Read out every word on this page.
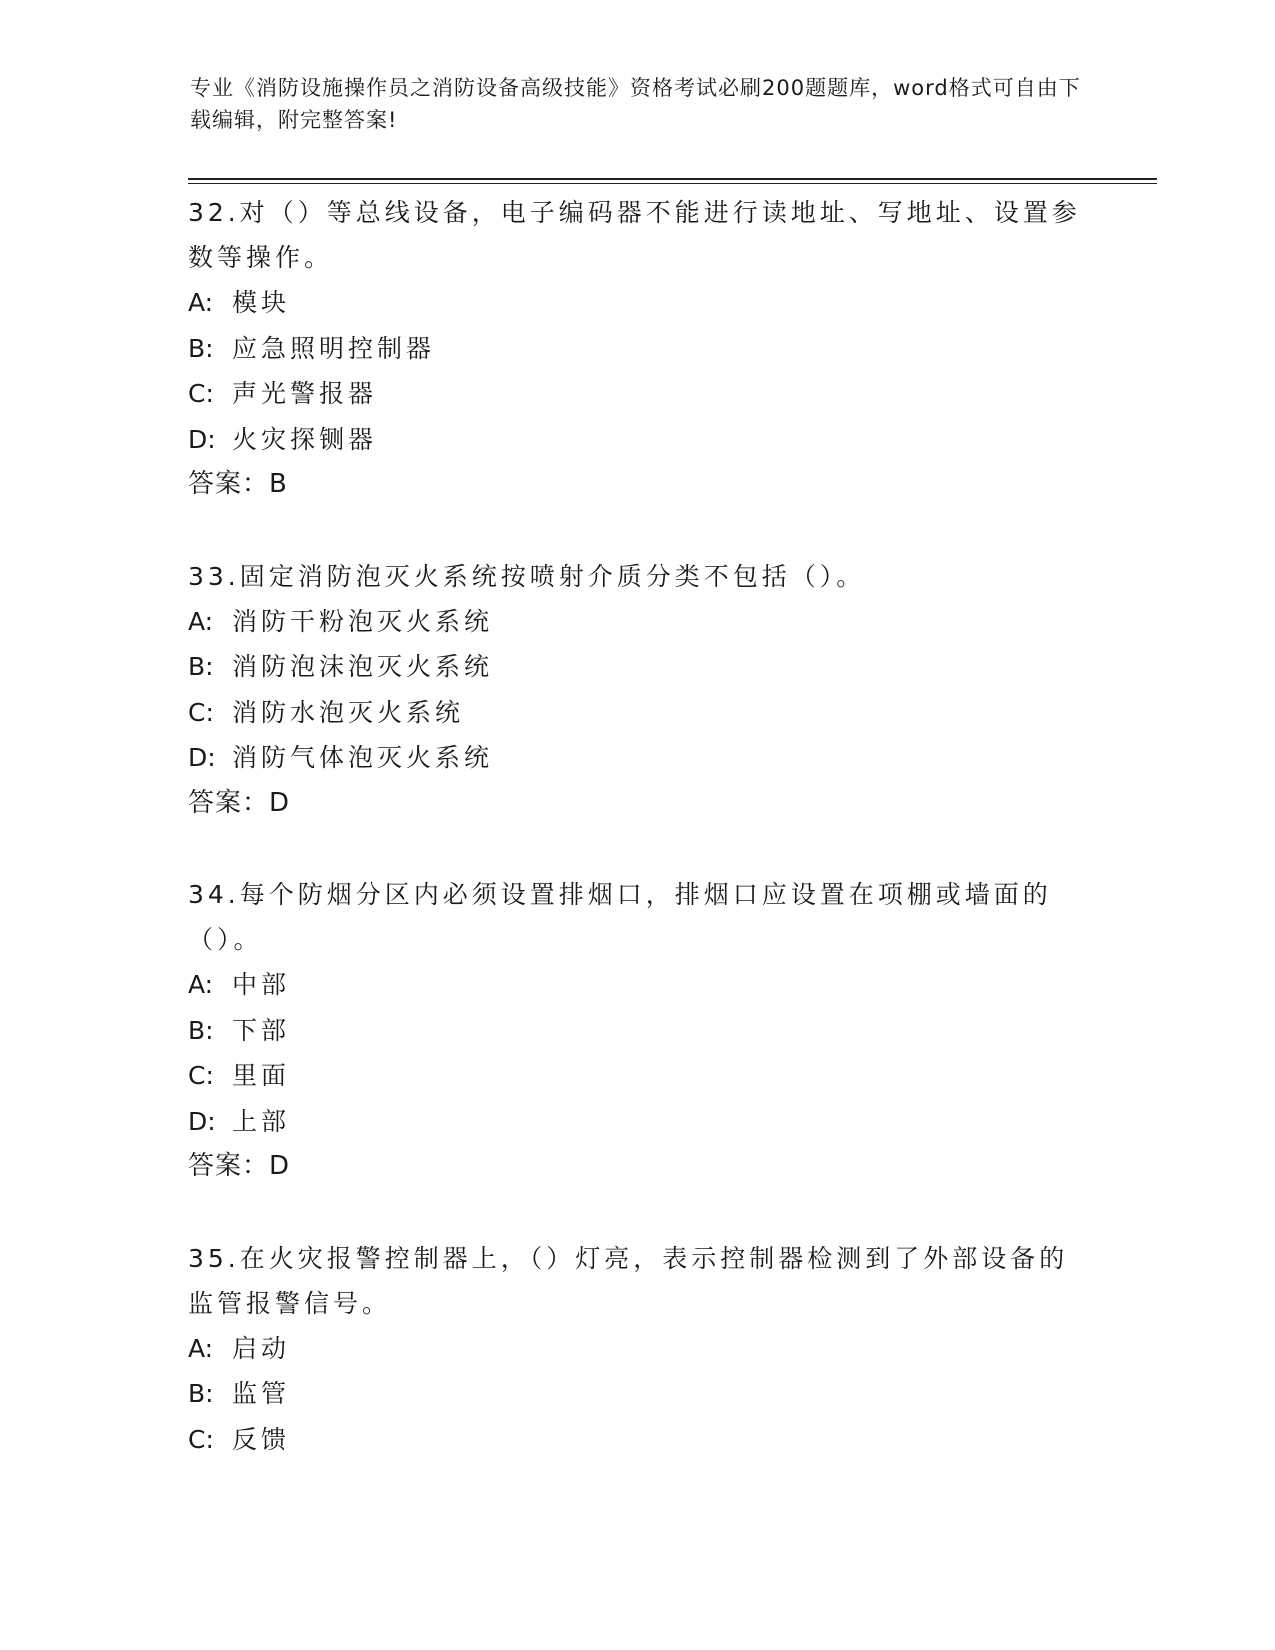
专业《消防设施操作员之消防设备高级技能》资格考试必刷200题题库，word格式可自由下载编辑，附完整答案!

32.对（）等总线设备，电子编码器不能进行读地址、写地址、设置参数等操作。

A: 模块
B: 应急照明控制器
C: 声光警报器
D: 火灾探铡器
答案：B

33.固定消防泡灭火系统按喷射介质分类不包括（）。

A: 消防干粉泡灭火系统
B: 消防泡沫泡灭火系统
C: 消防水泡灭火系统
D: 消防气体泡灭火系统
答案：D

34.每个防烟分区内必须设置排烟口，排烟口应设置在项棚或墙面的（）。

A: 中部
B: 下部
C: 里面
D: 上部
答案：D

35.在火灾报警控制器上，（）灯亮，表示控制器检测到了外部设备的监管报警信号。

A: 启动
B: 监管
C: 反馈
